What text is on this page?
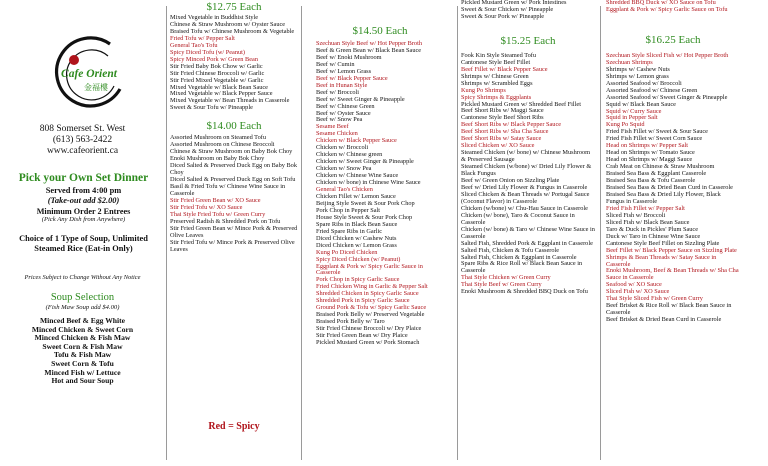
Cafe Orient
金福樓
808 Somerset St. West
(613) 563-2422
www.cafeorient.ca
Pick your Own Set Dinner
Served from 4:00 pm
(Take-out add $2.00)
Minimum Order 2 Entrees
(Pick Any Dish from Anywhere)
Choice of 1 Type of Soup, Unlimited Steamed Rice (Eat-in Only)
Prices Subject to Change Without Any Notice
Soup Selection
(Fish Maw Soup add $4.00)
Minced Beef & Egg White
Minced Chicken & Sweet Corn
Minced Chicken & Fish Maw
Sweet Corn & Fish Maw
Tofu & Fish Maw
Sweet Corn & Tofu
Minced Fish w/ Lettuce
Hot and Sour Soup
$12.75 Each
Mixed Vegetable in Buddhist Style
Chinese & Straw Mushroom w/ Oyster Sauce
Braised Tofu w/ Chinese Mushroom & Vegetable
Fried Tofu w/ Pepper Salt
General Tao's Tofu
Spicy Diced Tofu (w/ Peanut)
Spicy Minced Pork w/ Green Bean
Stir Fried Baby Bok Chow w/ Garlic
Stir Fried Chinese Broccoli w/ Garlic
Stir Fried Mixed Vegetable w/ Garlic
Mixed Vegetable w/ Black Bean Sauce
Mixed Vegetable w/ Black Pepper Sauce
Mixed Vegetable w/ Bean Threads in Casserole
Sweet & Sour Tofu w/ Pineapple
$14.00 Each
Assorted Mushroom on Steamed Tofu
Assorted Mushroom on Chinese Broccoli
Chinese & Straw Mushroom on Baby Bok Choy
Enoki Mushroom on Baby Bok Choy
Diced Salted & Preserved Duck Egg on Baby Bok Choy
Diced Salted & Preserved Duck Egg on Soft Tofu
Basil & Fried Tofu w/ Chinese Wine Sauce in Casserole
Stir Fried Green Bean w/ XO Sauce
Stir Fried Tofu w/ XO Sauce
Thai Style Fried Tofu w/ Green Curry
Preserved Radish & Shredded Pork on Tofu
Stir Fried Green Bean w/ Mince Pork & Preserved Olive Leaves
Stir Fried Tofu w/ Mince Pork & Preserved Olive Leaves
Red = Spicy
$14.50 Each
Szechuan Style Beef w/ Hot Pepper Broth
Beef & Green Bean w/ Black Bean Sauce
Beef w/ Enoki Mushroom
Beef w/ Cumin
Beef w/ Lemon Grass
Beef w/ Black Pepper Sauce
Beef in Hunan Style
Beef w/ Broccoli
Beef w/ Sweet Ginger & Pineapple
Beef w/ Chinese Green
Beef w/ Oyster Sauce
Beef w/ Snow Pea
Sesame Beef
Sesame Chicken
Chicken w/ Black Pepper Sauce
Chicken w/ Broccoli
Chicken w/ Chinese green
Chicken w/ Sweet Ginger & Pineapple
Chicken w/ Snow Pea
Chicken w/ Chinese Wine Sauce
Chicken w/ bone) in Chinese Wine Sauce
General Tao's Chicken
Chicken Fillet w/ Lemon Sauce
Beijing Style Sweet & Sour Pork Chop
Pork Chop in Pepper Salt
House Style Sweet & Sour Pork Chop
Spare Ribs in Black Bean Sauce
Fried Spare Ribs in Garlic
Diced Chicken w/ Cashew Nuts
Diced Chicken w/ Lemon Grass
Kung Po Diced Chicken
Spicy Diced Chicken (w/ Peanut)
Eggplant & Pork w/ Spicy Garlic Sauce in Casserole
Pork Chop in Spicy Garlic Sauce
Fried Chicken Wing in Garlic & Pepper Salt
Shredded Chicken in Spicy Garlic Sauce
Shredded Pork in Spicy Garlic Sauce
Ground Pork & Tofu w/ Spicy Garlic Sauce
Braised Pork Belly w/ Preserved Vegetable
Braised Pork Belly w/ Taro
Stir Fried Chinese Broccoli w/ Dry Plaice
Stir Fried Green Bean w/ Dry Plaice
Pickled Mustard Green w/ Pork Stomach
Pickled Mustard Green w/ Pork Intestines
Sweet & Sour Chicken w/ Pineapple
Sweet & Sour Pork w/ Pineapple
$15.25 Each
Fook Kin Style Steamed Tofu
Cantonese Style Beef Fillet
Beef Fillet w/ Black Pepper Sauce
Shrimps w/ Chinese Green
Shrimps w/ Scrambled Eggs
Kung Po Shrimps
Spicy Shrimps & Eggplants
Pickled Mustard Green w/ Shredded Beef Fillet
Beef Short Ribs w/ Maggi Sauce
Cantonese Style Beef Short Ribs
Beef Short Ribs w/ Black Pepper Sauce
Beef Short Ribs w/ Sha Cha Sauce
Beef Short Ribs w/ Satay Sauce
Sliced Chicken w/ XO Sauce
Steamed Chicken (w/ bone) w/ Chinese Mushroom & Preserved Sausage
Steamed Chicken (w/bone) w/ Dried Lily Flower & Black Fungus
Beef w/ Green Onion on Sizzling Plate
Beef w/ Dried Lily Flower & Fungus in Casserole
Sliced Chicken & Bean Threads w/ Portugal Sauce (Coconut Flavor) in Casserole
Chicken (w/bone) w/ Chu-Hau Sauce in Casserole
Chicken (w/ bone), Taro & Coconut Sauce in Casserole
Chicken (w/ bone) & Taro w/ Chinese Wine Sauce in Casserole
Salted Fish, Shredded Pork & Eggplant in Casserole
Salted Fish, Chicken & Tofu Casserole
Salted Fish, Chicken & Eggplant in Casserole
Spare Ribs & Rice Roll w/ Black Bean Sauce in Casserole
Thai Style Chicken w/ Green Curry
Thai Style Beef w/ Green Curry
Enoki Mushroom & Shredded BBQ Duck on Tofu
Shredded BBQ Duck w/ XO Sauce on Tofu
Eggplant & Pork w/ Spicy Garlic Sauce on Tofu
$16.25 Each
Szechuan Style Sliced Fish w/ Hot Pepper Broth
Szechuan Shrimps
Shrimps w/ Cashew Nuts
Shrimps w/ Lemon grass
Assorted Seafood w/ Broccoli
Assorted Seafood w/ Chinese Green
Assorted Seafood w/ Sweet Ginger & Pineapple
Squid w/ Black Bean Sauce
Squid w/ Curry Sauce
Squid in Pepper Salt
Kung Po Squid
Fried Fish Fillet w/ Sweet & Sour Sauce
Fried Fish Fillet w/ Sweet Corn Sauce
Head on Shrimps w/ Pepper Salt
Head on Shrimps w/ Tomato Sauce
Head on Shrimps w/ Maggi Sauce
Crab Meat on Chinese & Straw Mushroom
Braised Sea Bass & Eggplant Casserole
Braised Sea Bass & Tofu Casserole
Braised Sea Bass & Dried Bean Curd in Casserole
Braised Sea Bass & Dried Lily Flower, Black Fungus in Casserole
Fried Fish Fillet w/ Pepper Salt
Sliced Fish w/ Broccoli
Sliced Fish w/ Black Bean Sauce
Taro & Duck in Pickles' Plum Sauce
Duck w/ Taro in Chinese Wine Sauce
Cantonese Style Beef Fillet on Sizzling Plate
Beef Fillet w/ Black Pepper Sauce on Sizzling Plate
Shrimps & Bean Threads w/ Satay Sauce in Casserole
Enoki Mushroom, Beef & Bean Threads w/ Sha Cha Sauce in Casserole
Seafood w/ XO Sauce
Sliced Fish w/ XO Sauce
Thai Style Sliced Fish w/ Green Curry
Beef Brisket & Rice Roll w/ Black Bean Sauce in Casserole
Beef Brisket & Dried Bean Curd in Casserole
